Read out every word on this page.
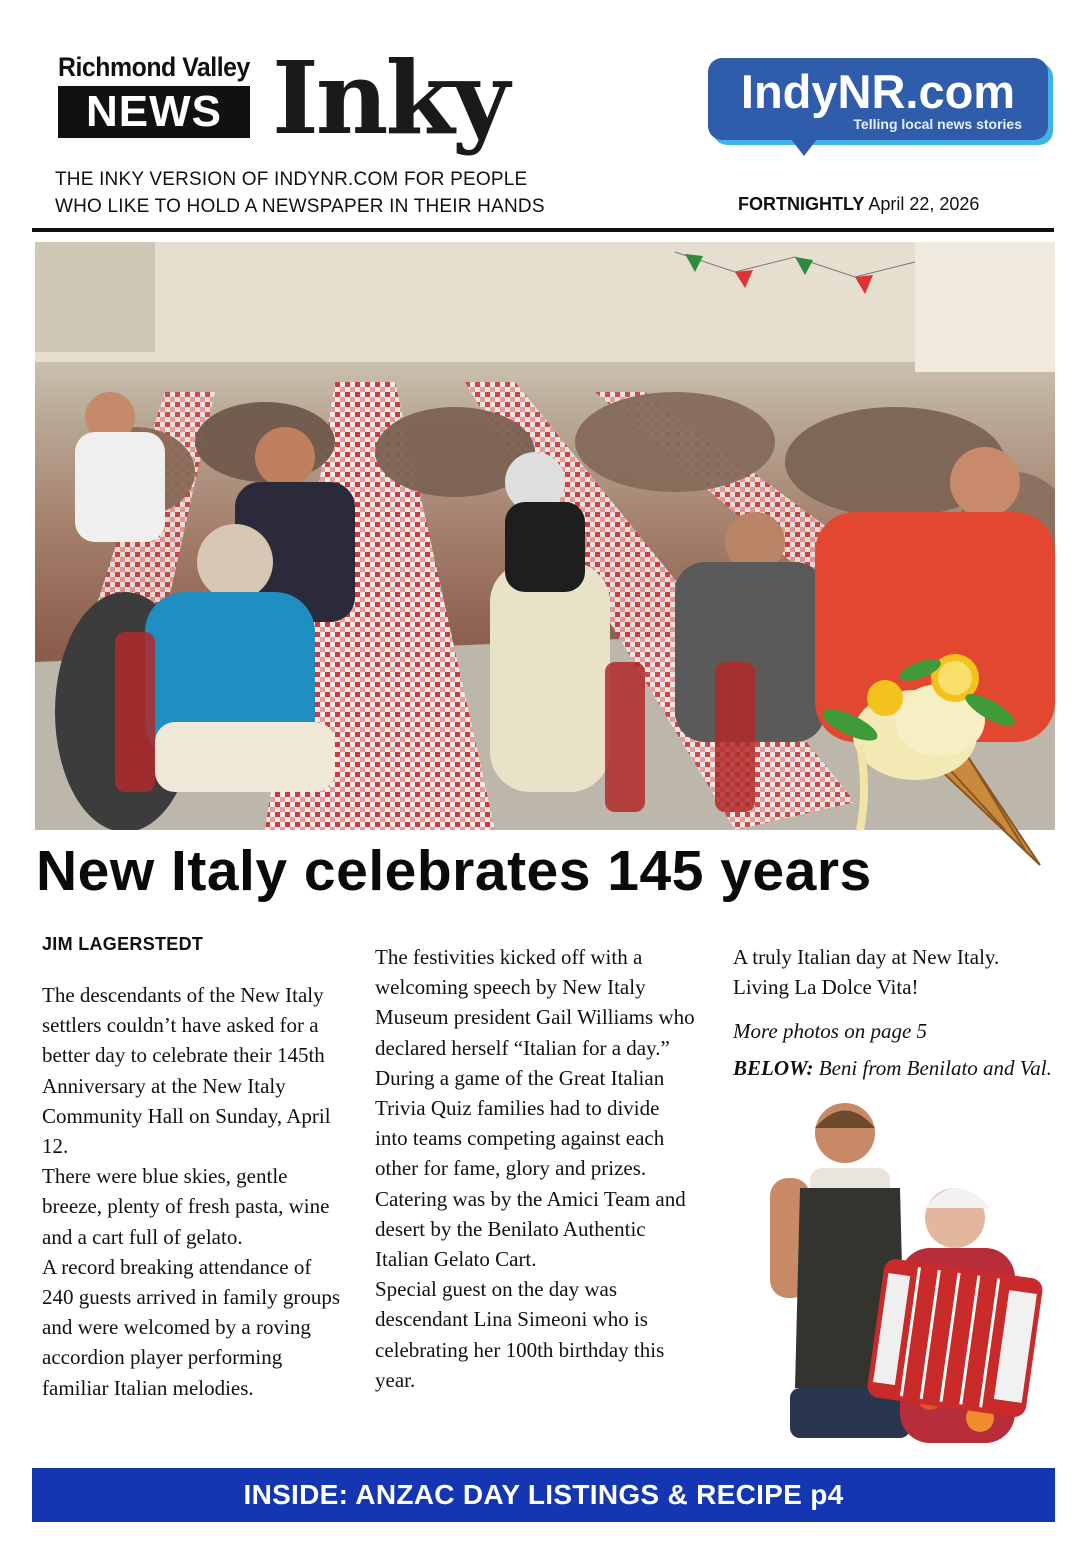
Richmond Valley
NEWS Inky
THE INKY VERSION OF INDYNR.COM FOR PEOPLE
WHO LIKE TO HOLD A NEWSPAPER IN THEIR HANDS
IndyNR.com
Telling local news stories
FORTNIGHTLY April 22, 2026
New Italy celebrates 145 years
JIM LAGERSTEDT

The descendants of the New Italy settlers couldn’t have asked for a better day to celebrate their 145th Anniversary at the New Italy Community Hall on Sunday, April 12.

There were blue skies, gentle breeze, plenty of fresh pasta, wine and a cart full of gelato.

A record breaking attendance of 240 guests arrived in family groups and were welcomed by a roving accordion player performing familiar Italian melodies.

The festivities kicked off with a welcoming speech by New Italy Museum president Gail Williams who declared herself “Italian for a day.”

During a game of the Great Italian Trivia Quiz families had to divide into teams competing against each other for fame, glory and prizes.

Catering was by the Amici Team and desert by the Benilato Authentic Italian Gelato Cart.

Special guest on the day was descendant Lina Simeoni who is celebrating her 100th birthday this year.

A truly Italian day at New Italy. Living La Dolce Vita!

More photos on page 5

BELOW: Beni from Benilato and Val.

INSIDE: ANZAC DAY LISTINGS & RECIPE p4
